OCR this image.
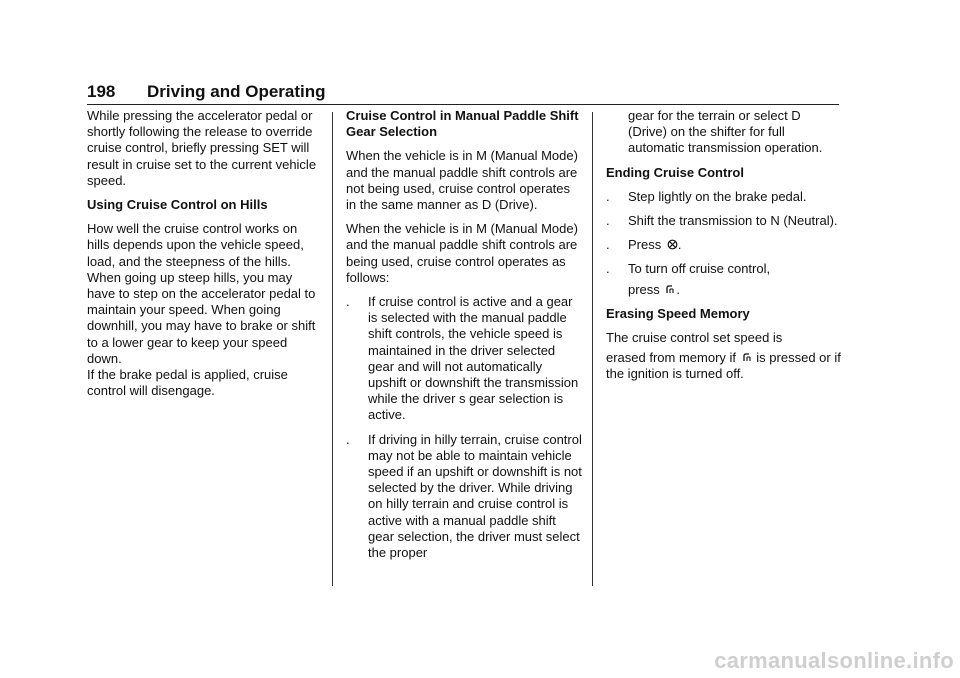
198 Driving and Operating

While pressing the accelerator pedal or shortly following the release to override cruise control, briefly pressing SET will result in cruise set to the current vehicle speed.

Using Cruise Control on Hills

How well the cruise control works on hills depends upon the vehicle speed, load, and the steepness of the hills. When going up steep hills, you may have to step on the accelerator pedal to maintain your speed. When going downhill, you may have to brake or shift to a lower gear to keep your speed down.

If the brake pedal is applied, cruise control will disengage.

Cruise Control in Manual Paddle Shift Gear Selection

When the vehicle is in M (Manual Mode) and the manual paddle shift controls are not being used, cruise control operates in the same manner as D (Drive).

When the vehicle is in M (Manual Mode) and the manual paddle shift controls are being used, cruise control operates as follows:

. If cruise control is active and a gear is selected with the manual paddle shift controls, the vehicle speed is maintained in the driver selected gear and will not automatically upshift or downshift the transmission while the driver s gear selection is active.
. If driving in hilly terrain, cruise control may not be able to maintain vehicle speed if an upshift or downshift is not selected by the driver. While driving on hilly terrain and cruise control is active with a manual paddle shift gear selection, the driver must select the proper
gear for the terrain or select D (Drive) on the shifter for full automatic transmission operation.
Ending Cruise Control
. Step lightly on the brake pedal.
. Shift the transmission to N (Neutral).
. Press .
. To turn off cruise control,
press .
Erasing Speed Memory

The cruise control set speed is

erased from memory if is pressed or if the ignition is turned off.

carmanualsonline.info
